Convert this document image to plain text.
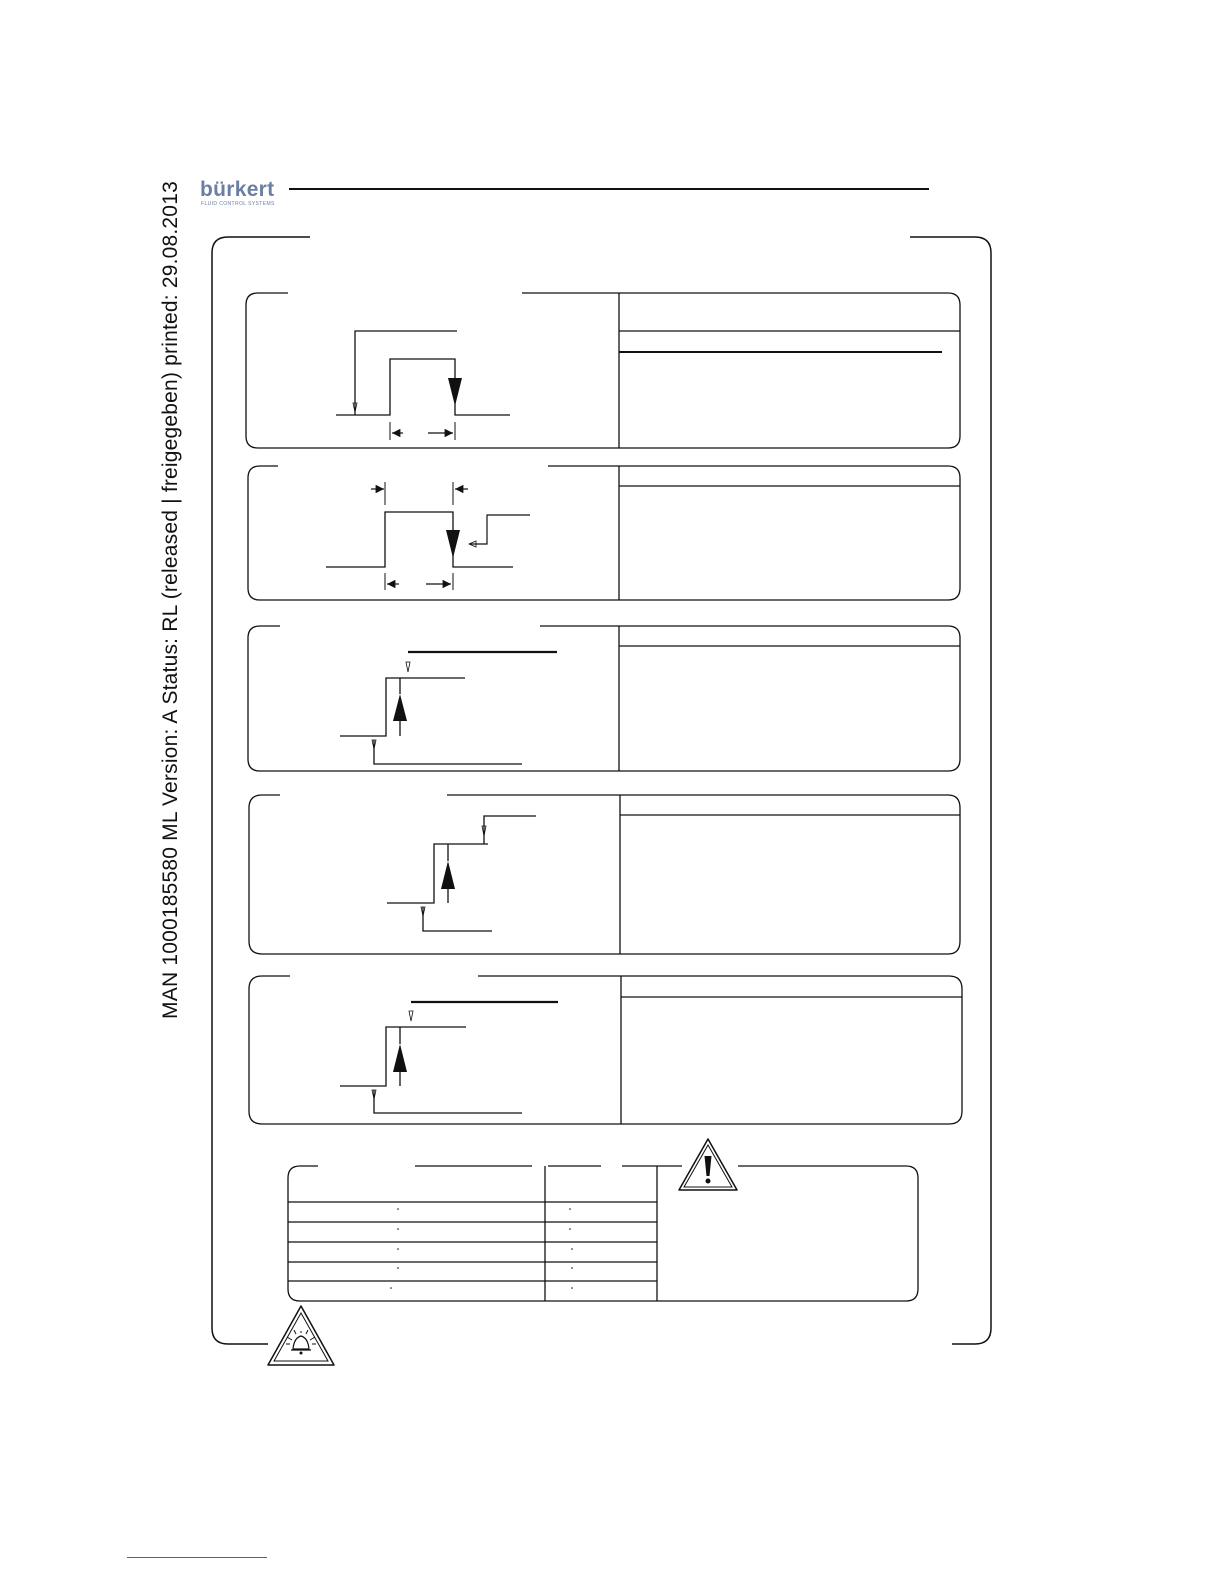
MAN 1000185580 ML Version: A Status: RL (released | freigegeben) printed: 29.08.2013 bürkert
FLUID CONTROL SYSTEMS
